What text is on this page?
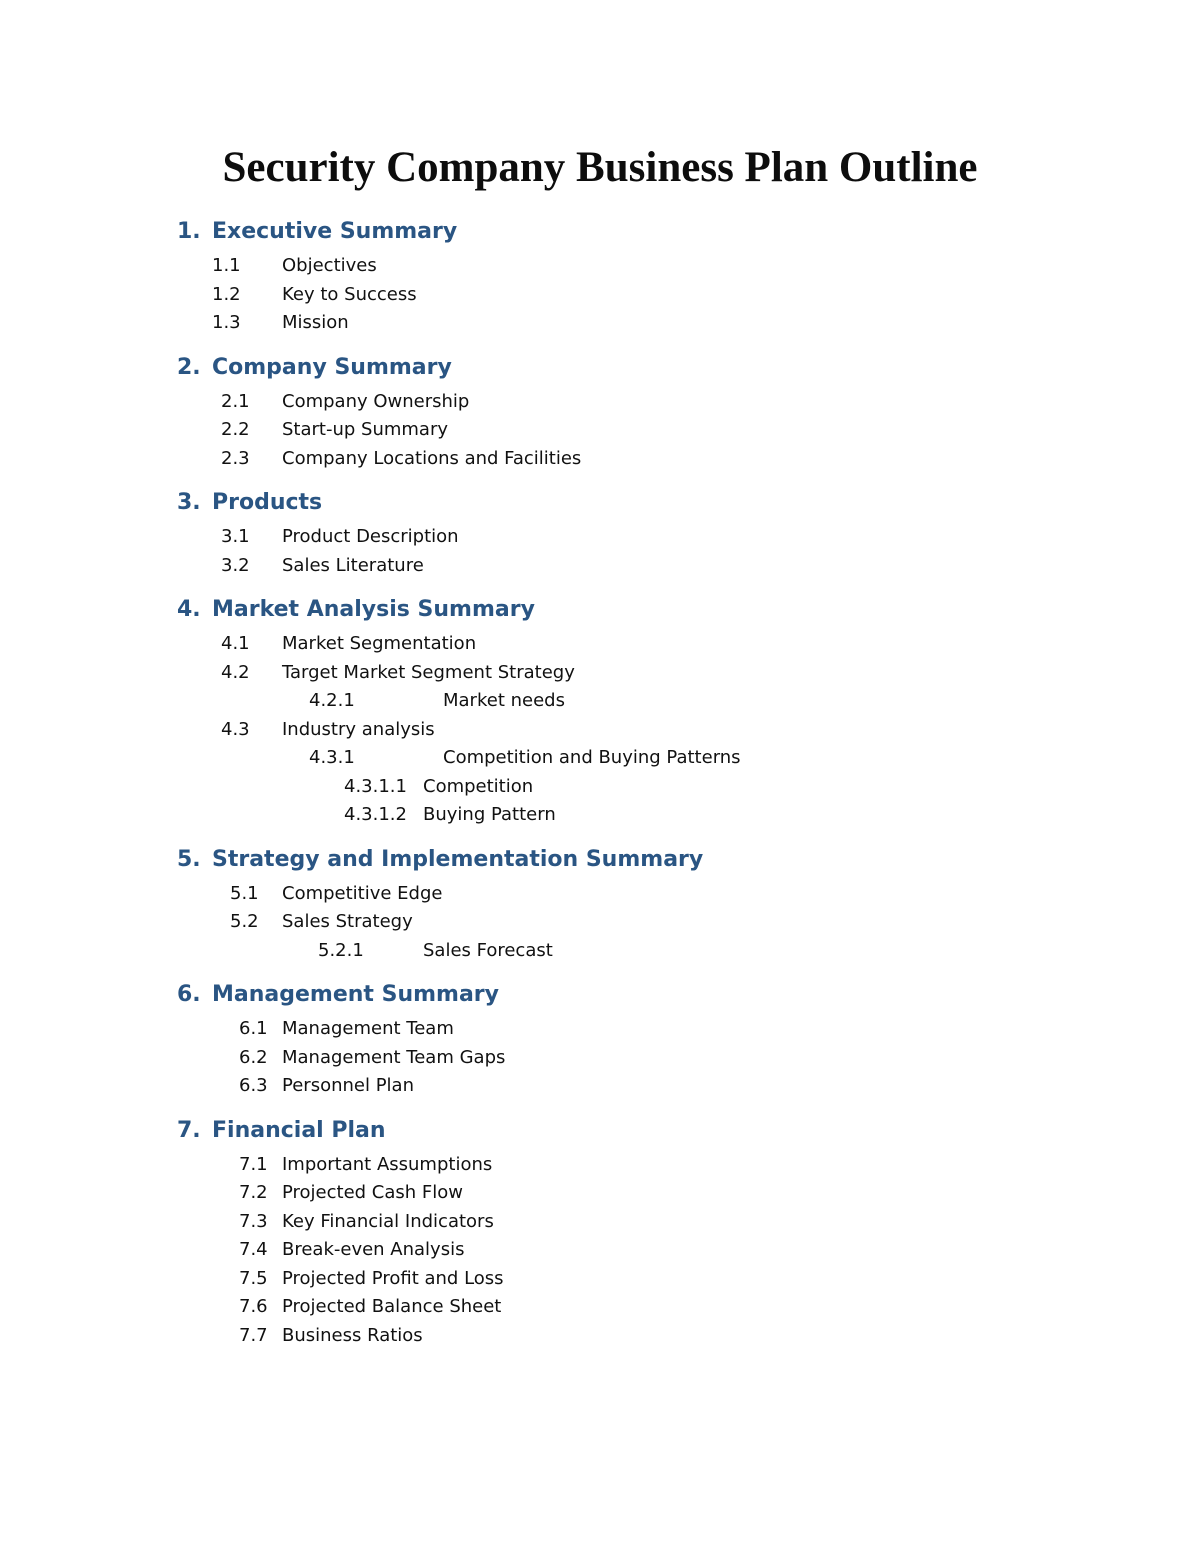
Security Company Business Plan Outline
1. Executive Summary
1.1 Objectives
1.2 Key to Success
1.3 Mission
2. Company Summary
2.1 Company Ownership
2.2 Start-up Summary
2.3 Company Locations and Facilities
3. Products
3.1 Product Description
3.2 Sales Literature
4. Market Analysis Summary
4.1 Market Segmentation
4.2 Target Market Segment Strategy
4.2.1	Market needs
4.3 Industry analysis
4.3.1	Competition and Buying Patterns
4.3.1.1 Competition
4.3.1.2 Buying Pattern
5. Strategy and Implementation Summary
5.1 Competitive Edge
5.2 Sales Strategy
5.2.1	Sales Forecast
6. Management Summary
6.1 Management Team
6.2 Management Team Gaps
6.3 Personnel Plan
7. Financial Plan
7.1 Important Assumptions
7.2 Projected Cash Flow
7.3 Key Financial Indicators
7.4 Break-even Analysis
7.5 Projected Profit and Loss
7.6 Projected Balance Sheet
7.7 Business Ratios
